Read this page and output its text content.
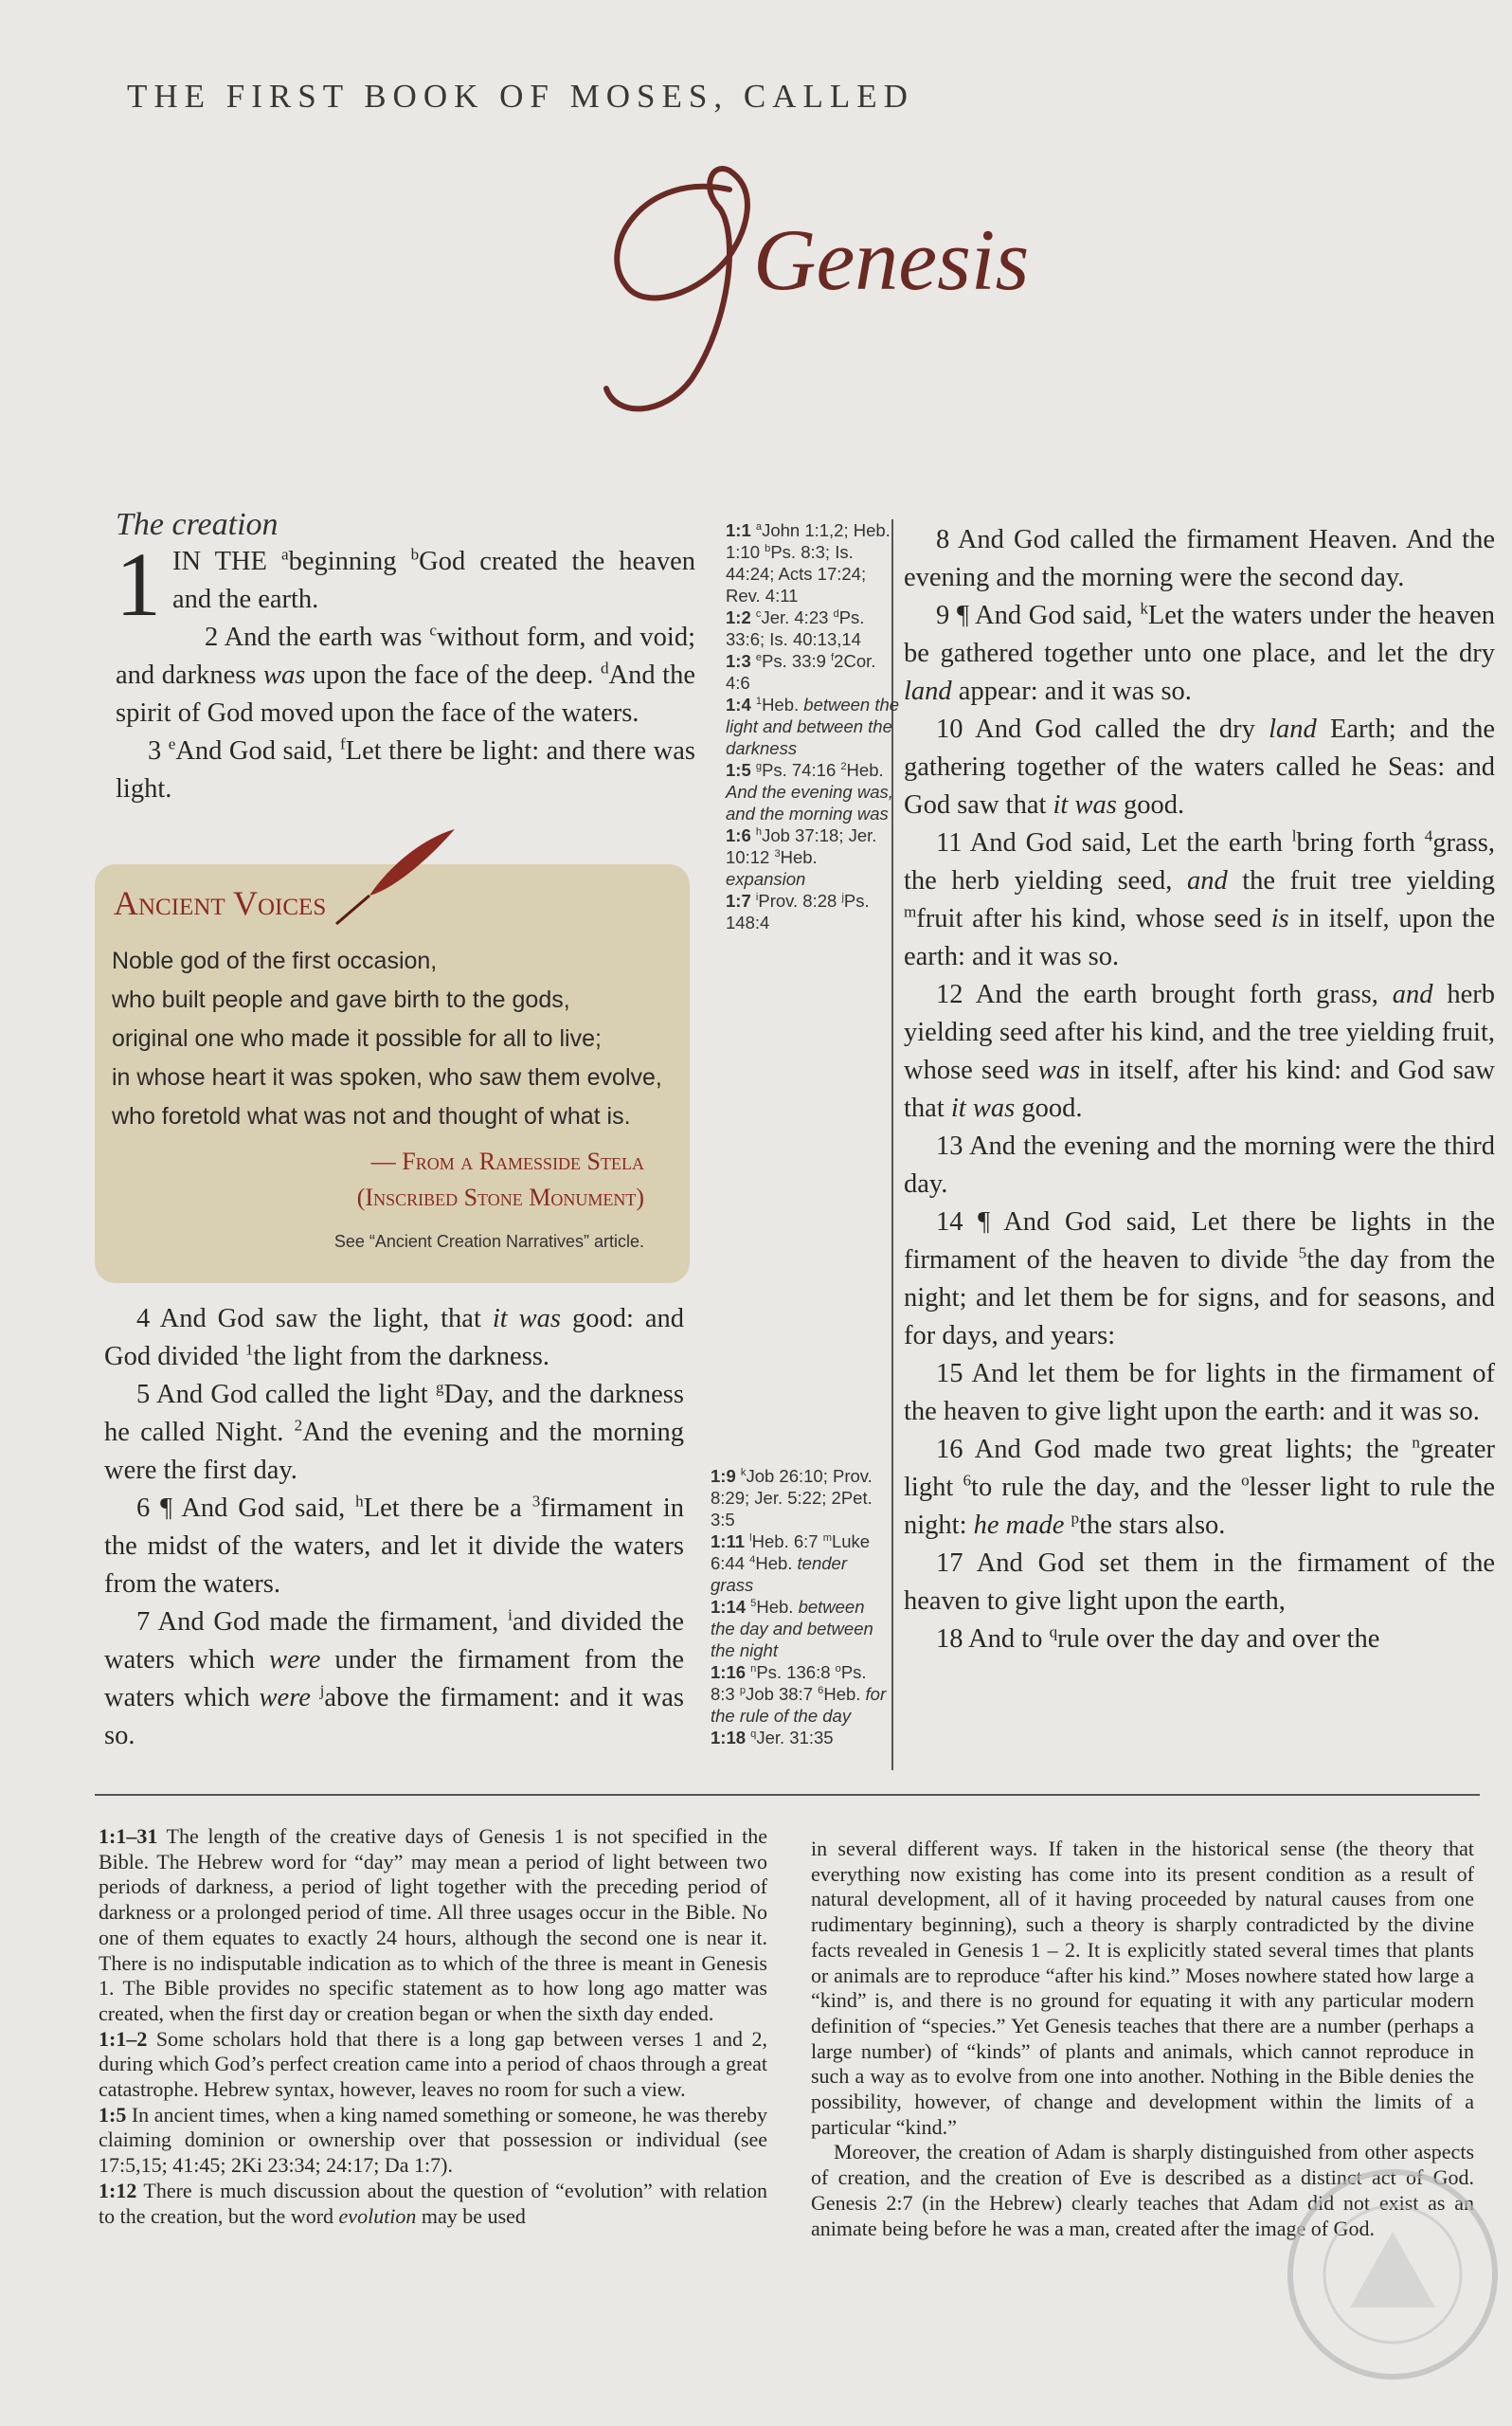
THE FIRST BOOK OF MOSES, CALLED
Genesis
The creation

1 IN THE $^a$beginning $^b$God created the heaven and the earth.

2 And the earth was $^c$without form, and void; and darkness was upon the face of the deep. $^d$And the spirit of God moved upon the face of the waters.

3 $^e$And God said, $^f$Let there be light: and there was light.

Ancient Voices

Noble god of the first occasion,

who built people and gave birth to the gods,

original one who made it possible for all to live;

in whose heart it was spoken, who saw them evolve,

who foretold what was not and thought of what is.

— From a Ramesside Stela
(Inscribed Stone Monument)
See “Ancient Creation Narratives” article.

4 And God saw the light, that it was good: and God divided $^1$the light from the darkness.

5 And God called the light $^g$Day, and the darkness he called Night. $^2$And the evening and the morning were the first day.

6 ¶ And God said, $^h$Let there be a $^3$firmament in the midst of the waters, and let it divide the waters from the waters.

7 And God made the firmament, $^i$and divided the waters which were under the firmament from the waters which were $^j$above the firmament: and it was so.

1:1 $^a$John 1:1,2; Heb. 1:10 $^b$Ps. 8:3; Is. 44:24; Acts 17:24; Rev. 4:11

1:2 $^c$Jer. 4:23 $^d$Ps. 33:6; Is. 40:13,14

1:3 $^e$Ps. 33:9 $^f$2Cor. 4:6

1:4 $^1$Heb. between the light and between the darkness

1:5 $^g$Ps. 74:16 $^2$Heb. And the evening was, and the morning was

1:6 $^h$Job 37:18; Jer. 10:12 $^3$Heb. expansion

1:7 $^i$Prov. 8:28 $^j$Ps. 148:4

1:9 $^k$Job 26:10; Prov. 8:29; Jer. 5:22; 2Pet. 3:5

1:11 $^l$Heb. 6:7 $^m$Luke 6:44 $^4$Heb. tender grass

1:14 $^5$Heb. between the day and between the night

1:16 $^n$Ps. 136:8 $^o$Ps. 8:3 $^p$Job 38:7 $^6$Heb. for the rule of the day

1:18 $^q$Jer. 31:35

8 And God called the firmament Heaven. And the evening and the morning were the second day.

9 ¶ And God said, $^k$Let the waters under the heaven be gathered together unto one place, and let the dry land appear: and it was so.

10 And God called the dry land Earth; and the gathering together of the waters called he Seas: and God saw that it was good.

11 And God said, Let the earth $^l$bring forth $^4$grass, the herb yielding seed, and the fruit tree yielding $^m$fruit after his kind, whose seed is in itself, upon the earth: and it was so.

12 And the earth brought forth grass, and herb yielding seed after his kind, and the tree yielding fruit, whose seed was in itself, after his kind: and God saw that it was good.

13 And the evening and the morning were the third day.

14 ¶ And God said, Let there be lights in the firmament of the heaven to divide $^5$the day from the night; and let them be for signs, and for seasons, and for days, and years:

15 And let them be for lights in the firmament of the heaven to give light upon the earth: and it was so.

16 And God made two great lights; the $^n$greater light $^6$to rule the day, and the $^o$lesser light to rule the night: he made $^p$the stars also.

17 And God set them in the firmament of the heaven to give light upon the earth,

18 And to $^q$rule over the day and over the

1:1–31 The length of the creative days of Genesis 1 is not specified in the Bible. The Hebrew word for “day” may mean a period of light between two periods of darkness, a period of light together with the preceding period of darkness or a prolonged period of time. All three usages occur in the Bible. No one of them equates to exactly 24 hours, although the second one is near it. There is no indisputable indication as to which of the three is meant in Genesis 1. The Bible provides no specific statement as to how long ago matter was created, when the first day or creation began or when the sixth day ended.

1:1–2 Some scholars hold that there is a long gap between verses 1 and 2, during which God’s perfect creation came into a period of chaos through a great catastrophe. Hebrew syntax, however, leaves no room for such a view.

1:5 In ancient times, when a king named something or someone, he was thereby claiming dominion or ownership over that possession or individual (see 17:5,15; 41:45; 2Ki 23:34; 24:17; Da 1:7).

1:12 There is much discussion about the question of “evolution” with relation to the creation, but the word evolution may be used

in several different ways. If taken in the historical sense (the theory that everything now existing has come into its present condition as a result of natural development, all of it having proceeded by natural causes from one rudimentary beginning), such a theory is sharply contradicted by the divine facts revealed in Genesis 1 – 2. It is explicitly stated several times that plants or animals are to reproduce “after his kind.” Moses nowhere stated how large a “kind” is, and there is no ground for equating it with any particular modern definition of “species.” Yet Genesis teaches that there are a number (perhaps a large number) of “kinds” of plants and animals, which cannot reproduce in such a way as to evolve from one into another. Nothing in the Bible denies the possibility, however, of change and development within the limits of a particular “kind.”

Moreover, the creation of Adam is sharply distinguished from other aspects of creation, and the creation of Eve is described as a distinct act of God. Genesis 2:7 (in the Hebrew) clearly teaches that Adam did not exist as an animate being before he was a man, created after the image of God.
